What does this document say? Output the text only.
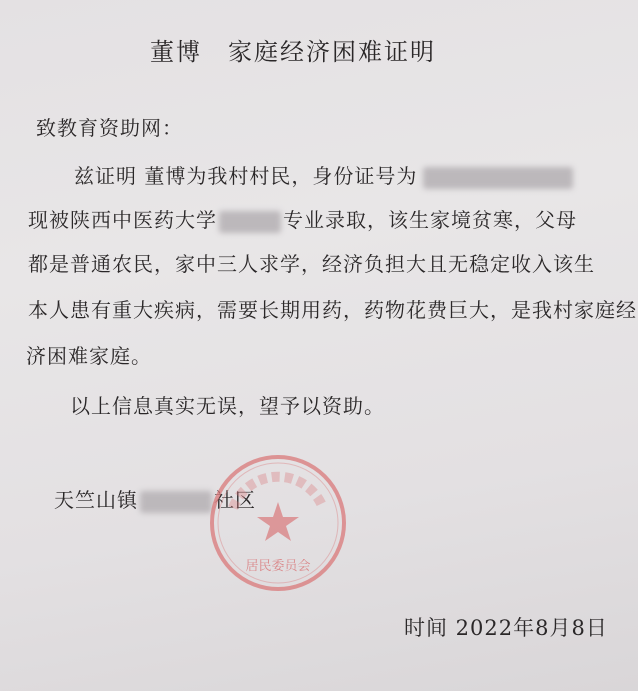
董博 家庭经济困难证明
致教育资助网：
兹证明 董博为我村村民，身份证号为
现被陕西中医药大学	专业录取，该生家境贫寒，父母
都是普通农民，家中三人求学，经济负担大且无稳定收入该生
本人患有重大疾病，需要长期用药，药物花费巨大，是我村家庭经
济困难家庭。
以上信息真实无误，望予以资助。
天竺山镇	社区
居民委员会
时间 2022年8月8日
